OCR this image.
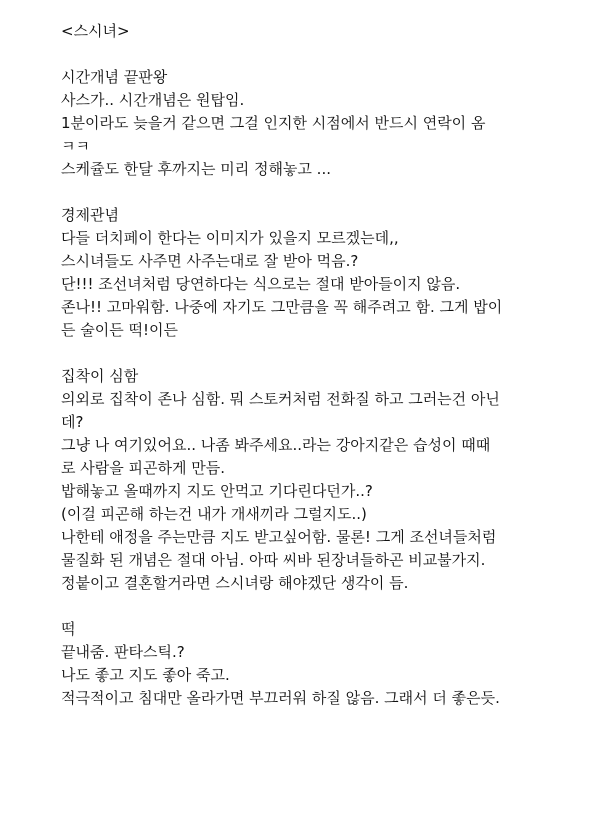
<스시녀>
시간개념 끝판왕
사스가.. 시간개념은 원탑임.
1분이라도 늦을거 같으면 그걸 인지한 시점에서 반드시 연락이 옴
ㅋㅋ
스케쥴도 한달 후까지는 미리 정해놓고 ...
경제관념
다들 더치페이 한다는 이미지가 있을지 모르겠는데,,
스시녀들도 사주면 사주는대로 잘 받아 먹음.?
단!!! 조선녀처럼 당연하다는 식으로는 절대 받아들이지 않음.
존나!! 고마워함. 나중에 자기도 그만큼을 꼭 해주려고 함. 그게 밥이
든 술이든 떡!이든
집착이 심함
의외로 집착이 존나 심함. 뭐 스토커처럼 전화질 하고 그러는건 아닌
데?
그냥 나 여기있어요.. 나좀 봐주세요..라는 강아지같은 습성이 때때
로 사람을 피곤하게 만듬.
밥해놓고 올때까지 지도 안먹고 기다린다던가..?
(이걸 피곤해 하는건 내가 개새끼라 그럴지도..)
나한테 애정을 주는만큼 지도 받고싶어함. 물론! 그게 조선녀들처럼
물질화 된 개념은 절대 아님. 아따 씨바 된장녀들하곤 비교불가지.
정붙이고 결혼할거라면 스시녀랑 해야겠단 생각이 듬.
떡
끝내줌. 판타스틱.?
나도 좋고 지도 좋아 죽고.
적극적이고 침대만 올라가면 부끄러워 하질 않음. 그래서 더 좋은듯.
